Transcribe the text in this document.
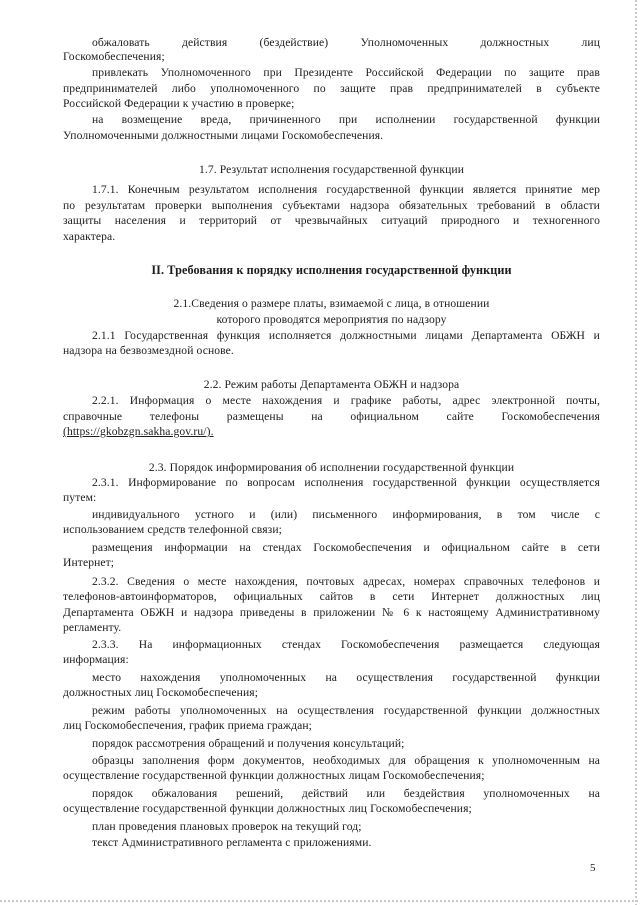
обжаловать действия (бездействие) Уполномоченных должностных лиц
Госкомобеспечения;
привлекать Уполномоченного при Президенте Российской Федерации по защите прав
предпринимателей либо уполномоченного по защите прав предпринимателей в субъекте
Российской Федерации к участию в проверке;
на возмещение вреда, причиненного при исполнении государственной функции
Уполномоченными должностными лицами Госкомобеспечения.
1.7. Результат исполнения государственной функции
1.7.1. Конечным результатом исполнения государственной функции является принятие мер
по результатам проверки выполнения субъектами надзора обязательных требований в области
защиты населения и территорий от чрезвычайных ситуаций природного и техногенного
характера.
II. Требования к порядку исполнения государственной функции
2.1.Сведения о размере платы, взимаемой с лица, в отношении
которого проводятся мероприятия по надзору
2.1.1 Государственная функция исполняется должностными лицами Департамента ОБЖН и
надзора на безвозмездной основе.
2.2. Режим работы Департамента ОБЖН и надзора
2.2.1. Информация о месте нахождения и графике работы, адрес электронной почты,
справочные телефоны размещены на официальном сайте Госкомобеспечения
(https://gkobzgn.sakha.gov.ru/).
2.3. Порядок информирования об исполнении государственной функции
2.3.1. Информирование по вопросам исполнения государственной функции осуществляется
путем:
индивидуального устного и (или) письменного информирования, в том числе с
использованием средств телефонной связи;
размещения информации на стендах Госкомобеспечения и официальном сайте в сети
Интернет;
2.3.2. Сведения о месте нахождения, почтовых адресах, номерах справочных телефонов и
телефонов-автоинформаторов, официальных сайтов в сети Интернет должностных лиц
Департамента ОБЖН и надзора приведены в приложении № 6 к настоящему Административному
регламенту.
2.3.3. На информационных стендах Госкомобеспечения размещается следующая
информация:
место нахождения уполномоченных на осуществления государственной функции
должностных лиц Госкомобеспечения;
режим работы уполномоченных на осуществления государственной функции должностных
лиц Госкомобеспечения, график приема граждан;
порядок рассмотрения обращений и получения консультаций;
образцы заполнения форм документов, необходимых для обращения к уполномоченным на
осуществление государственной функции должностных лицам Госкомобеспечения;
порядок обжалования решений, действий или бездействия уполномоченных на
осуществление государственной функции должностных лиц Госкомобеспечения;
план проведения плановых проверок на текущий год;
текст Административного регламента с приложениями.
5
